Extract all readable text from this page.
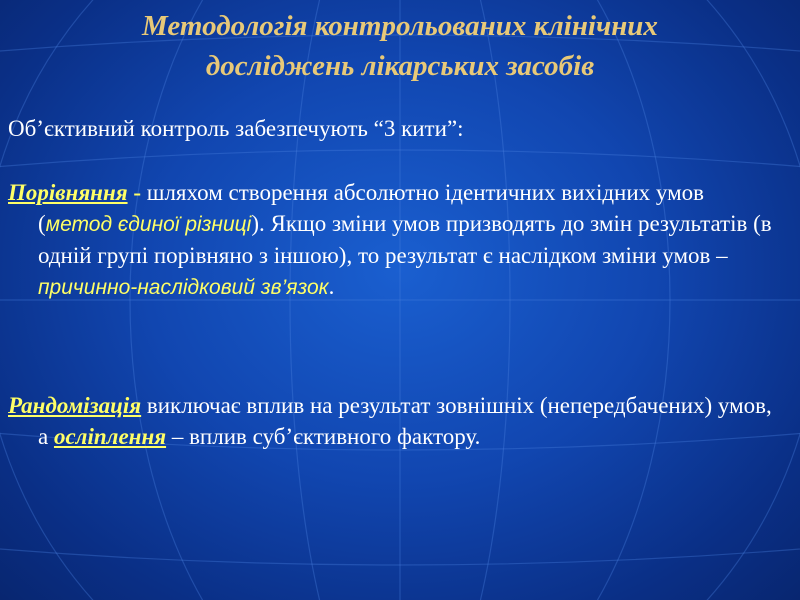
Методологія контрольованих клінічних
досліджень лікарських засобів

Об’єктивний контроль забезпечують “3 кити”:

Порівняння - шляхом створення абсолютно ідентичних вихідних умов (метод єдиної різниці). Якщо зміни умов призводять до змін результатів (в одній групі порівняно з іншою), то результат є наслідком зміни умов – причинно-наслідковий зв’язок.

Рандомізація виключає вплив на результат зовнішніх (непередбачених) умов, а осліплення – вплив суб’єктивного фактору.
